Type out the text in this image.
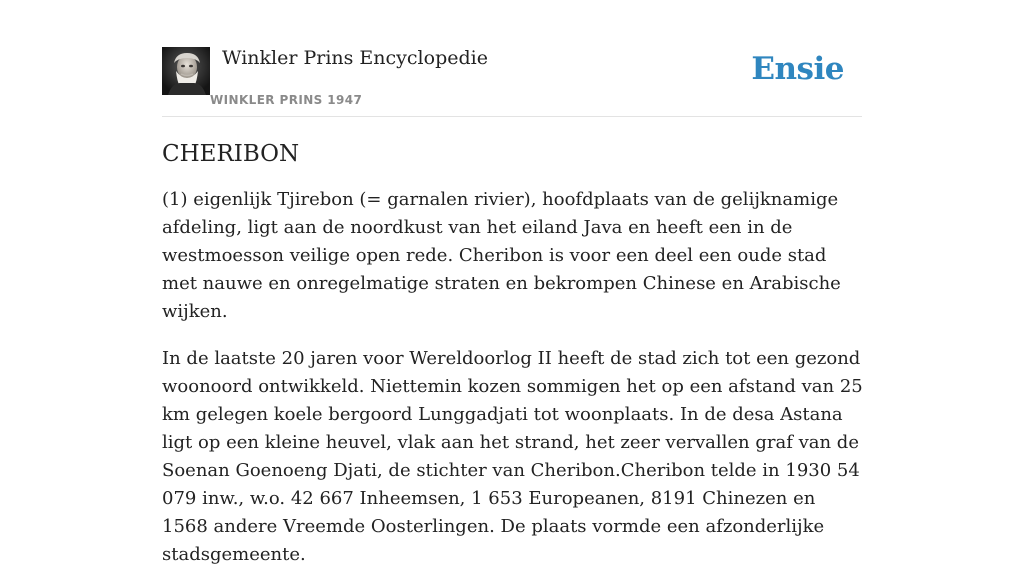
Winkler Prins Encyclopedie
WINKLER PRINS 1947
Ensie
CHERIBON

(1) eigenlijk Tjirebon (= garnalen rivier), hoofdplaats van de gelijknamige afdeling, ligt aan de noordkust van het eiland Java en heeft een in de westmoesson veilige open rede. Cheribon is voor een deel een oude stad met nauwe en onregelmatige straten en bekrompen Chinese en Arabische wijken.

In de laatste 20 jaren voor Wereldoorlog II heeft de stad zich tot een gezond woonoord ontwikkeld. Niettemin kozen sommigen het op een afstand van 25 km gelegen koele bergoord Lunggadjati tot woonplaats. In de desa Astana ligt op een kleine heuvel, vlak aan het strand, het zeer vervallen graf van de Soenan Goenoeng Djati, de stichter van Cheribon.Cheribon telde in 1930 54 079 inw., w.o. 42 667 Inheemsen, 1 653 Europeanen, 8191 Chinezen en 1568 andere Vreemde Oosterlingen. De plaats vormde een afzonderlijke stadsgemeente.
